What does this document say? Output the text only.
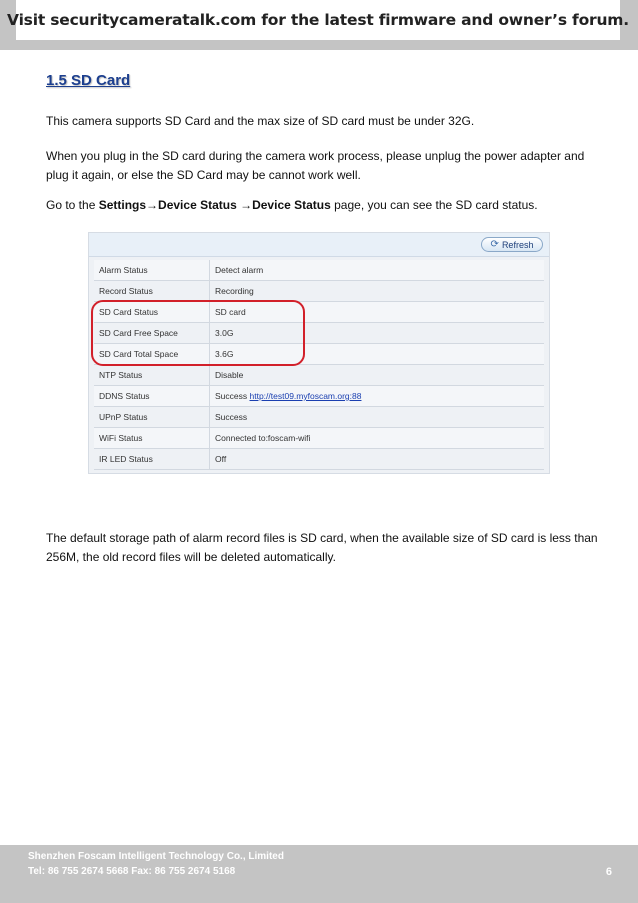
Visit securitycameratalk.com for the latest firmware and owner’s forum.
1.5 SD Card
This camera supports SD Card and the max size of SD card must be under 32G.
When you plug in the SD card during the camera work process, please unplug the power adapter and plug it again, or else the SD Card may be cannot work well.
Go to the Settings→Device Status →Device Status page, you can see the SD card status.
⟳ Refresh
Alarm Status	Detect alarm
Record Status	Recording
SD Card Status	SD card
SD Card Free Space	3.0G
SD Card Total Space	3.6G
NTP Status	Disable
DDNS Status	Success http://test09.myfoscam.org:88
UPnP Status	Success
WiFi Status	Connected to:foscam-wifi
IR LED Status	Off
The default storage path of alarm record files is SD card, when the available size of SD card is less than 256M, the old record files will be deleted automatically.
Shenzhen Foscam Intelligent Technology Co., Limited
Tel: 86 755 2674 5668 Fax: 86 755 2674 5168	6
